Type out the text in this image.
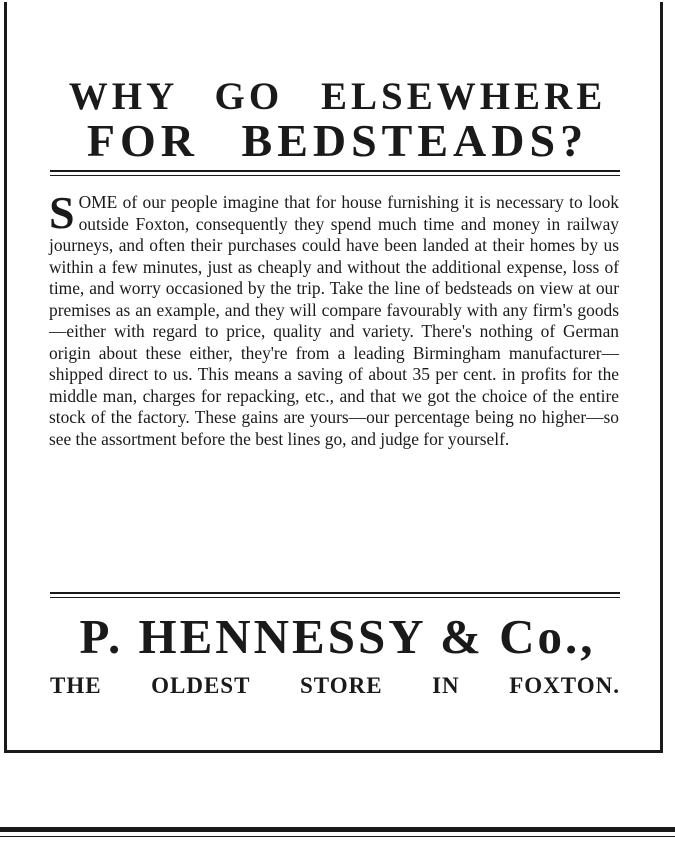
WHY GO ELSEWHERE
FOR BEDSTEADS?

SOME of our people imagine that for house furnishing it is necessary to look outside Foxton, consequently they spend much time and money in railway journeys, and often their purchases could have been landed at their homes by us within a few minutes, just as cheaply and without the additional expense, loss of time, and worry occasioned by the trip. Take the line of bedsteads on view at our premises as an example, and they will compare favourably with any firm's goods—either with regard to price, quality and variety. There's nothing of German origin about these either, they're from a leading Birmingham manufacturer—shipped direct to us. This means a saving of about 35 per cent. in profits for the middle man, charges for repacking, etc., and that we got the choice of the entire stock of the factory. These gains are yours—our percentage being no higher—so see the assortment before the best lines go, and judge for yourself.

P. HENNESSY & Co.,
THE OLDEST STORE IN FOXTON.
